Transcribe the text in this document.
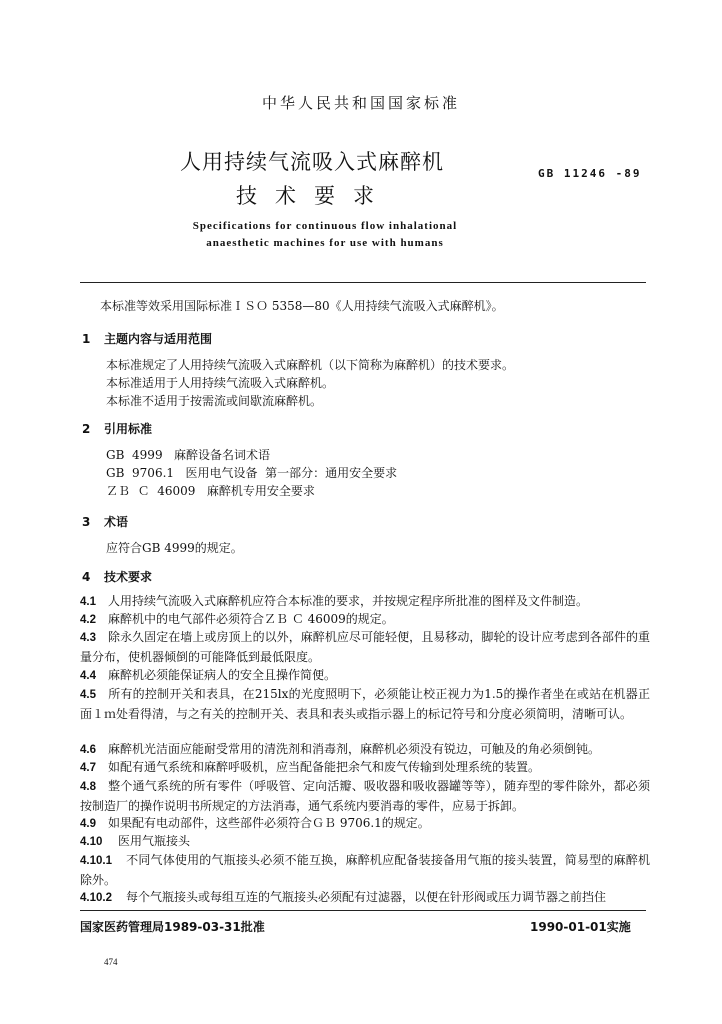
中华人民共和国国家标准
人用持续气流吸入式麻醉机
技术要求
GB 11246 -89
Specifications for continuous flow inhalational
anaesthetic machines for use with humans
本标准等效采用国际标准ＩＳＯ 5358—80《人用持续气流吸入式麻醉机》。
1 主题内容与适用范围
本标准规定了人用持续气流吸入式麻醉机（以下简称为麻醉机）的技术要求。
本标准适用于人用持续气流吸入式麻醉机。
本标准不适用于按需流或间歇流麻醉机。
2 引用标准
GB  4999   麻醉设备名词术语
GB  9706.1   医用电气设备  第一部分：通用安全要求
ＺＢ  Ｃ  46009   麻醉机专用安全要求
3 术语
应符合GB 4999的规定。
4 技术要求
4.1 人用持续气流吸入式麻醉机应符合本标准的要求，并按规定程序所批准的图样及文件制造。
4.2 麻醉机中的电气部件必须符合ＺＢ Ｃ 46009的规定。
4.3 除永久固定在墙上或房顶上的以外，麻醉机应尽可能轻便，且易移动，脚轮的设计应考虑到各部件的重量分布，使机器倾倒的可能降低到最低限度。
4.4 麻醉机必须能保证病人的安全且操作简便。
4.5 所有的控制开关和表具，在215lx的光度照明下，必须能让校正视力为1.5的操作者坐在或站在机器正面１ｍ处看得清，与之有关的控制开关、表具和表头或指示器上的标记符号和分度必须简明，清晰可认。
4.6 麻醉机光洁面应能耐受常用的清洗剂和消毒剂，麻醉机必须没有锐边，可触及的角必须倒钝。
4.7 如配有通气系统和麻醉呼吸机，应当配备能把余气和废气传输到处理系统的装置。
4.8 整个通气系统的所有零件（呼吸管、定向活瓣、吸收器和吸收器罐等等），随弃型的零件除外，都必须按制造厂的操作说明书所规定的方法消毒，通气系统内要消毒的零件，应易于拆卸。
4.9 如果配有电动部件，这些部件必须符合ＧＢ 9706.1的规定。
4.10 医用气瓶接头
4.10.1 不同气体使用的气瓶接头必须不能互换，麻醉机应配备装接备用气瓶的接头装置，简易型的麻醉机除外。
4.10.2 每个气瓶接头或每组互连的气瓶接头必须配有过滤器，以便在针形阀或压力调节器之前挡住
国家医药管理局1989-03-31批准	1990-01-01实施
474
